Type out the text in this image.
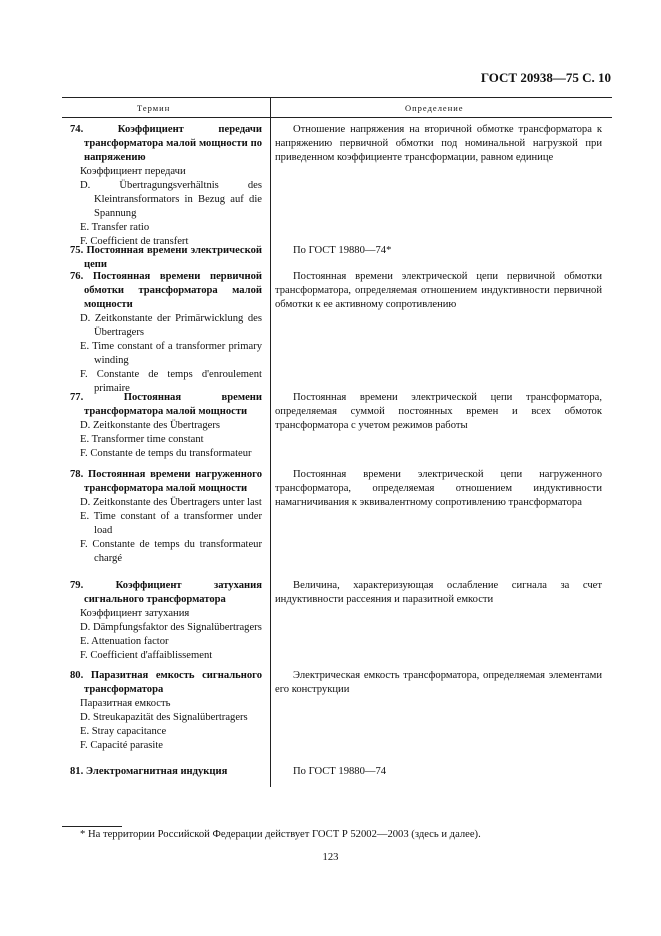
ГОСТ 20938—75 С. 10
Термин	Определение
74. Коэффициент передачи трансформатора малой мощности по напряжению
Коэффициент передачи
D. Übertragungsverhältnis des Kleintransformators in Bezug auf die Spannung
E. Transfer ratio
F. Coefficient de transfert
Отношение напряжения на вторичной обмотке трансформатора к напряжению первичной обмотки под номинальной нагрузкой при приведенном коэффициенте трансформации, равном единице
75. Постоянная времени электрической цепи
По ГОСТ 19880—74*
76. Постоянная времени первичной обмотки трансформатора малой мощности
D. Zeitkonstante der Primärwicklung des Übertragers
E. Time constant of a transformer primary winding
F. Constante de temps d'enroulement primaire
Постоянная времени электрической цепи первичной обмотки трансформатора, определяемая отношением индуктивности первичной обмотки к ее активному сопротивлению
77. Постоянная времени трансформатора малой мощности
D. Zeitkonstante des Übertragers
E. Transformer time constant
F. Constante de temps du transformateur
Постоянная времени электрической цепи трансформатора, определяемая суммой постоянных времен и всех обмоток трансформатора с учетом режимов работы
78. Постоянная времени нагруженного трансформатора малой мощности
D. Zeitkonstante des Übertragers unter last
E. Time constant of a transformer under load
F. Constante de temps du transformateur chargé
Постоянная времени электрической цепи нагруженного трансформатора, определяемая отношением индуктивности намагничивания к эквивалентному сопротивлению трансформатора
79. Коэффициент затухания сигнального трансформатора
Коэффициент затухания
D. Dämpfungsfaktor des Signalübertragers
E. Attenuation factor
F. Coefficient d'affaiblissement
Величина, характеризующая ослабление сигнала за счет индуктивности рассеяния и паразитной емкости
80. Паразитная емкость сигнального трансформатора
Паразитная емкость
D. Streukapazität des Signalübertragers
E. Stray capacitance
F. Capacité parasite
Электрическая емкость трансформатора, определяемая элементами его конструкции
81. Электромагнитная индукция	По ГОСТ 19880—74
* На территории Российской Федерации действует ГОСТ Р 52002—2003 (здесь и далее).
123
